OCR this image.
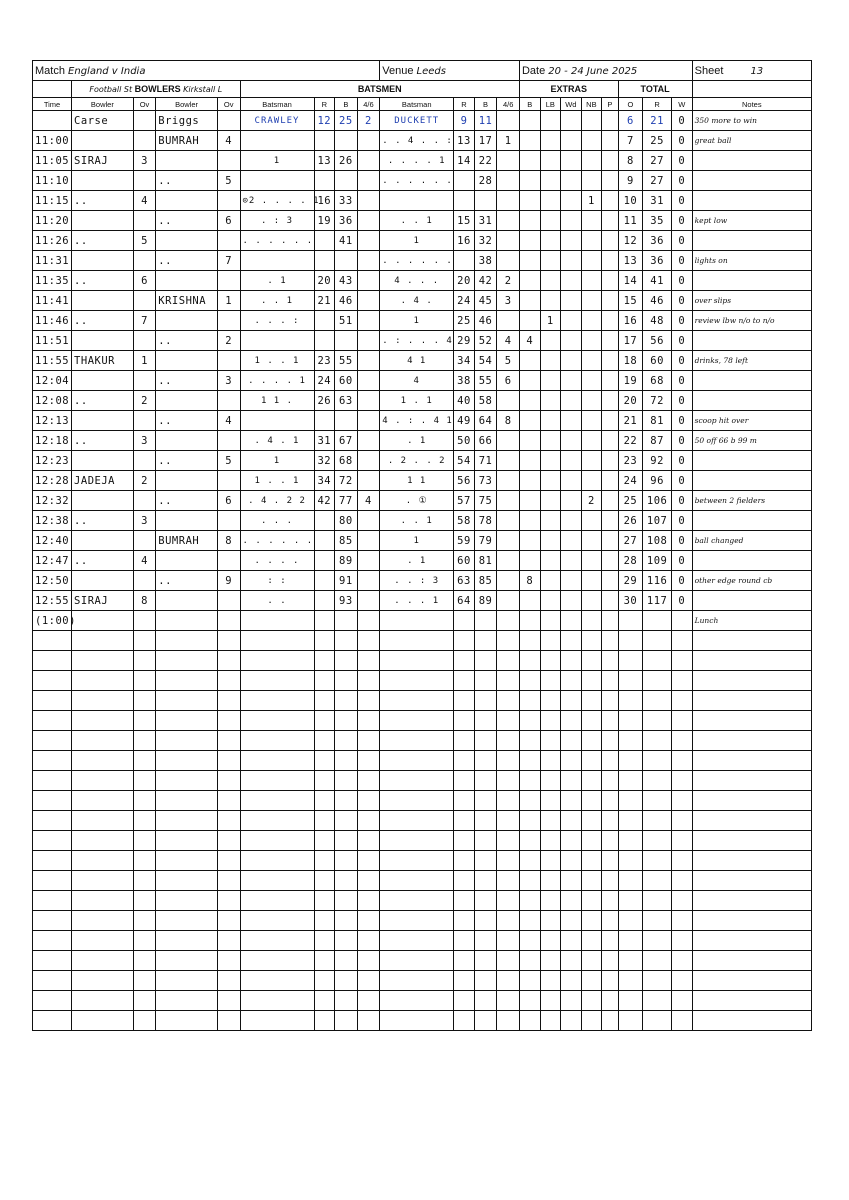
Match England v India									Venue Leeds				Date 20 - 24 June 2025								Sheet 13
	Football St BOWLERS Kirkstall L				BATSMEN								EXTRAS					TOTAL			
Time	Bowler	Ov	Bowler	Ov	Batsman	R	B	4/6	Batsman	R	B	4/6	B	LB	Wd	NB	P	O	R	W	Notes
	Carse		Briggs		CRAWLEY	12	25	2	DUCKETT	9	11							6	21	0	350 more to win
11:00			BUMRAH	4					. . 4 . . :	13	17	1						7	25	0	great ball
11:05	SIRAJ	3			1	13	26		. . . . 1	14	22							8	27	0	
11:10			..	5					. . . . . .		28							9	27	0	
11:15	..	4			⊙2 . . . . 1	16	33									1		10	31	0	
11:20			..	6	. : 3	19	36		. . 1	15	31							11	35	0	kept low
11:26	..	5			. . . . . .		41		1	16	32							12	36	0	
11:31			..	7					. . . . . .		38							13	36	0	lights on
11:35	..	6			. 1	20	43		4 . . .	20	42	2						14	41	0	
11:41			KRISHNA	1	. . 1	21	46		. 4 .	24	45	3						15	46	0	over slips
11:46	..	7			. . . :		51		1	25	46			1				16	48	0	review lbw n/o to n/o
11:51			..	2					. : . . . 4	29	52	4	4					17	56	0	
11:55	THAKUR	1			1 . . 1	23	55		4 1	34	54	5						18	60	0	drinks, 78 left
12:04			..	3	. . . . 1	24	60		4	38	55	6						19	68	0	
12:08	..	2			1 1 .	26	63		1 . 1	40	58							20	72	0	
12:13			..	4					4 . : . 4 1	49	64	8						21	81	0	scoop hit over
12:18	..	3			. 4 . 1	31	67		. 1	50	66							22	87	0	50 off 66 b 99 m
12:23			..	5	1	32	68		. 2 . . 2	54	71							23	92	0	
12:28	JADEJA	2			1 . . 1	34	72		1 1	56	73							24	96	0	
12:32			..	6	. 4 . 2 2	42	77	4	. ①	57	75					2		25	106	0	between 2 fielders
12:38	..	3			. . .		80		. . 1	58	78							26	107	0	
12:40			BUMRAH	8	. . . . . .		85		1	59	79							27	108	0	ball changed
12:47	..	4			. . . .		89		. 1	60	81							28	109	0	
12:50			..	9	: :		91		. . : 3	63	85		8					29	116	0	other edge round cb
12:55	SIRAJ	8			. .		93		. . . 1	64	89							30	117	0	
(1:00)																					Lunch
